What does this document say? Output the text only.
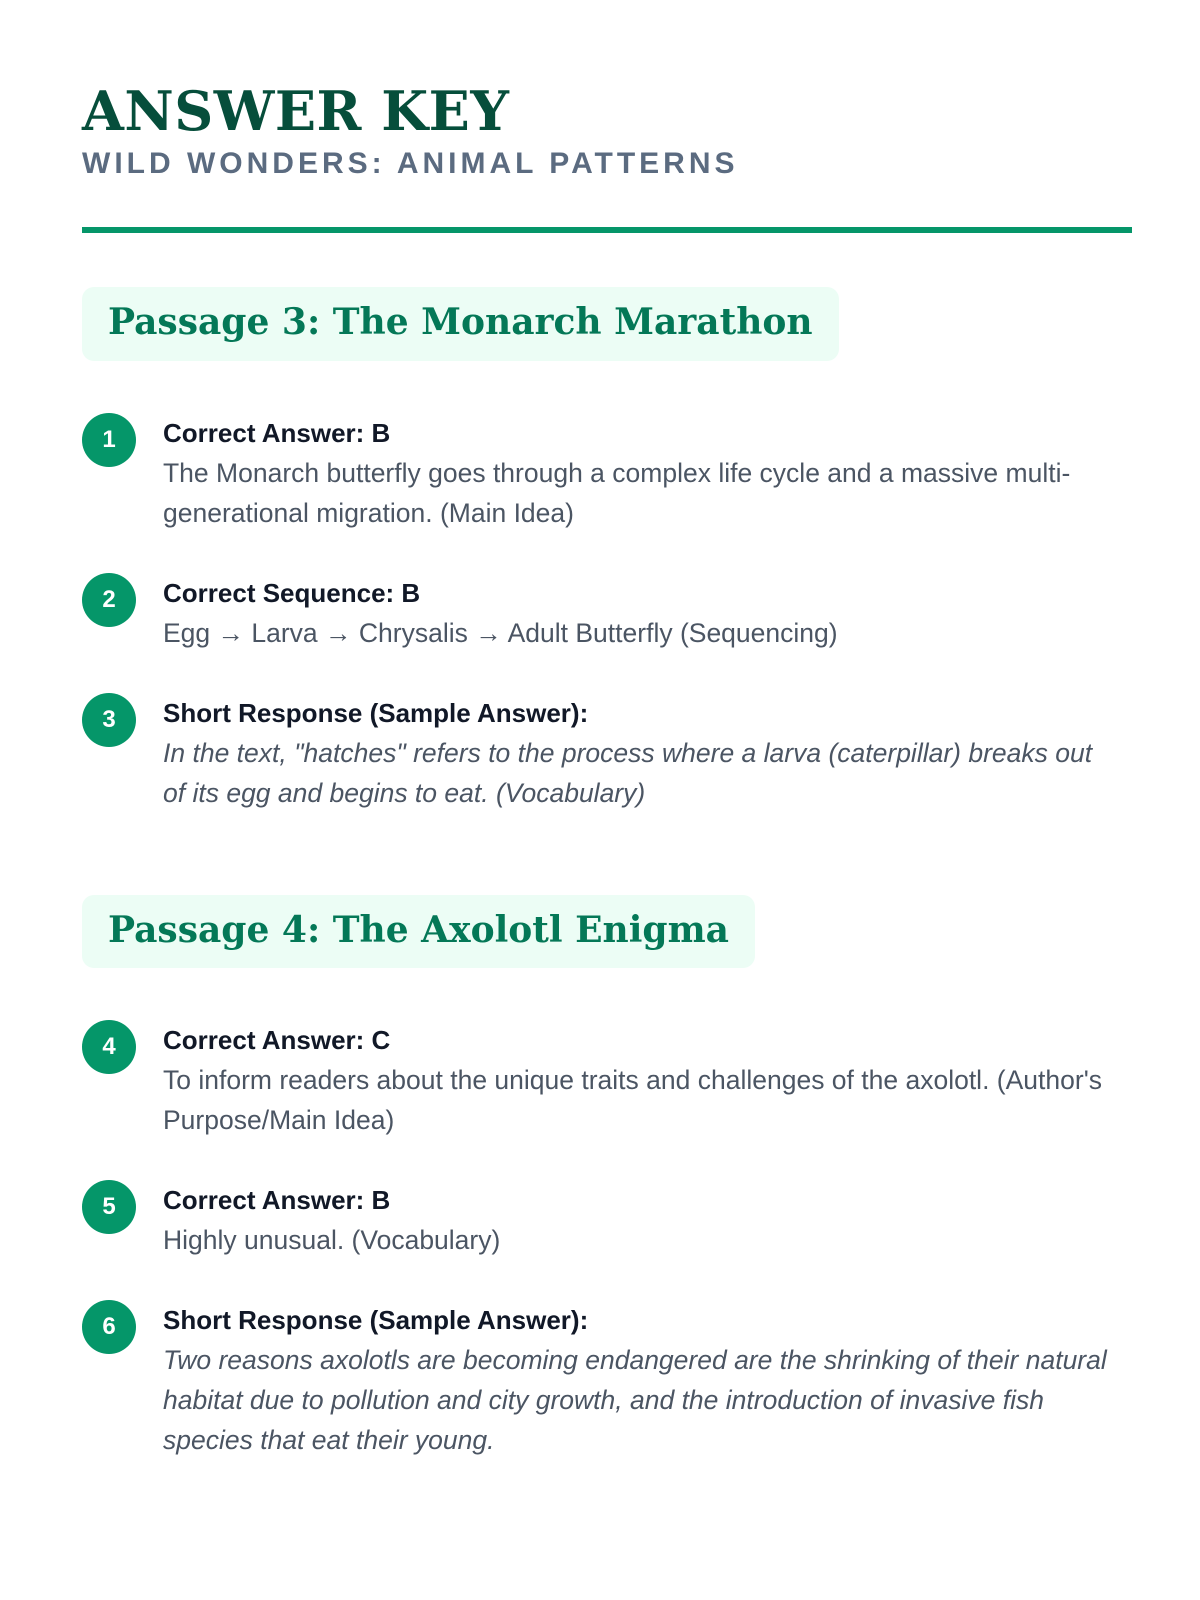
ANSWER KEY
WILD WONDERS: ANIMAL PATTERNS
Passage 3: The Monarch Marathon
1	Correct Answer: B
The Monarch butterfly goes through a complex life cycle and a massive multi-generational migration. (Main Idea)
2	Correct Sequence: B
Egg → Larva → Chrysalis → Adult Butterfly (Sequencing)
3	Short Response (Sample Answer):
In the text, "hatches" refers to the process where a larva (caterpillar) breaks out of its egg and begins to eat. (Vocabulary)
Passage 4: The Axolotl Enigma
4	Correct Answer: C
To inform readers about the unique traits and challenges of the axolotl. (Author's Purpose/Main Idea)
5	Correct Answer: B
Highly unusual. (Vocabulary)
6	Short Response (Sample Answer):
Two reasons axolotls are becoming endangered are the shrinking of their natural habitat due to pollution and city growth, and the introduction of invasive fish species that eat their young.
